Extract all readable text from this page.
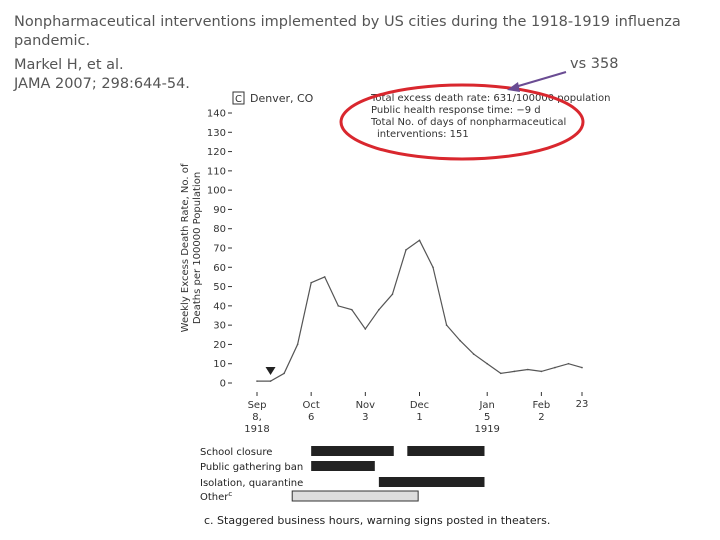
Nonpharmaceutical interventions implemented by US cities during the 1918-1919 influenza pandemic.
Markel H, et al.
JAMA 2007; 298:644-54.
vs 358
C Denver, CO
0
10
20
30
40
50
60
70
80
90
100
110
120
130
140
Weekly Excess Death Rate, No. of Deaths per 100000 Population
Sep
8,
1918
Oct
6
Nov
3
Dec
1
Jan
5
1919
Feb
2
23
Total excess death rate: 631/100000 population
Public health response time: −9 d
Total No. of days of nonpharmaceutical
interventions: 151
School closure
Public gathering ban
Isolation, quarantine
Other$^c$
c. Staggered business hours, warning signs posted in theaters.
